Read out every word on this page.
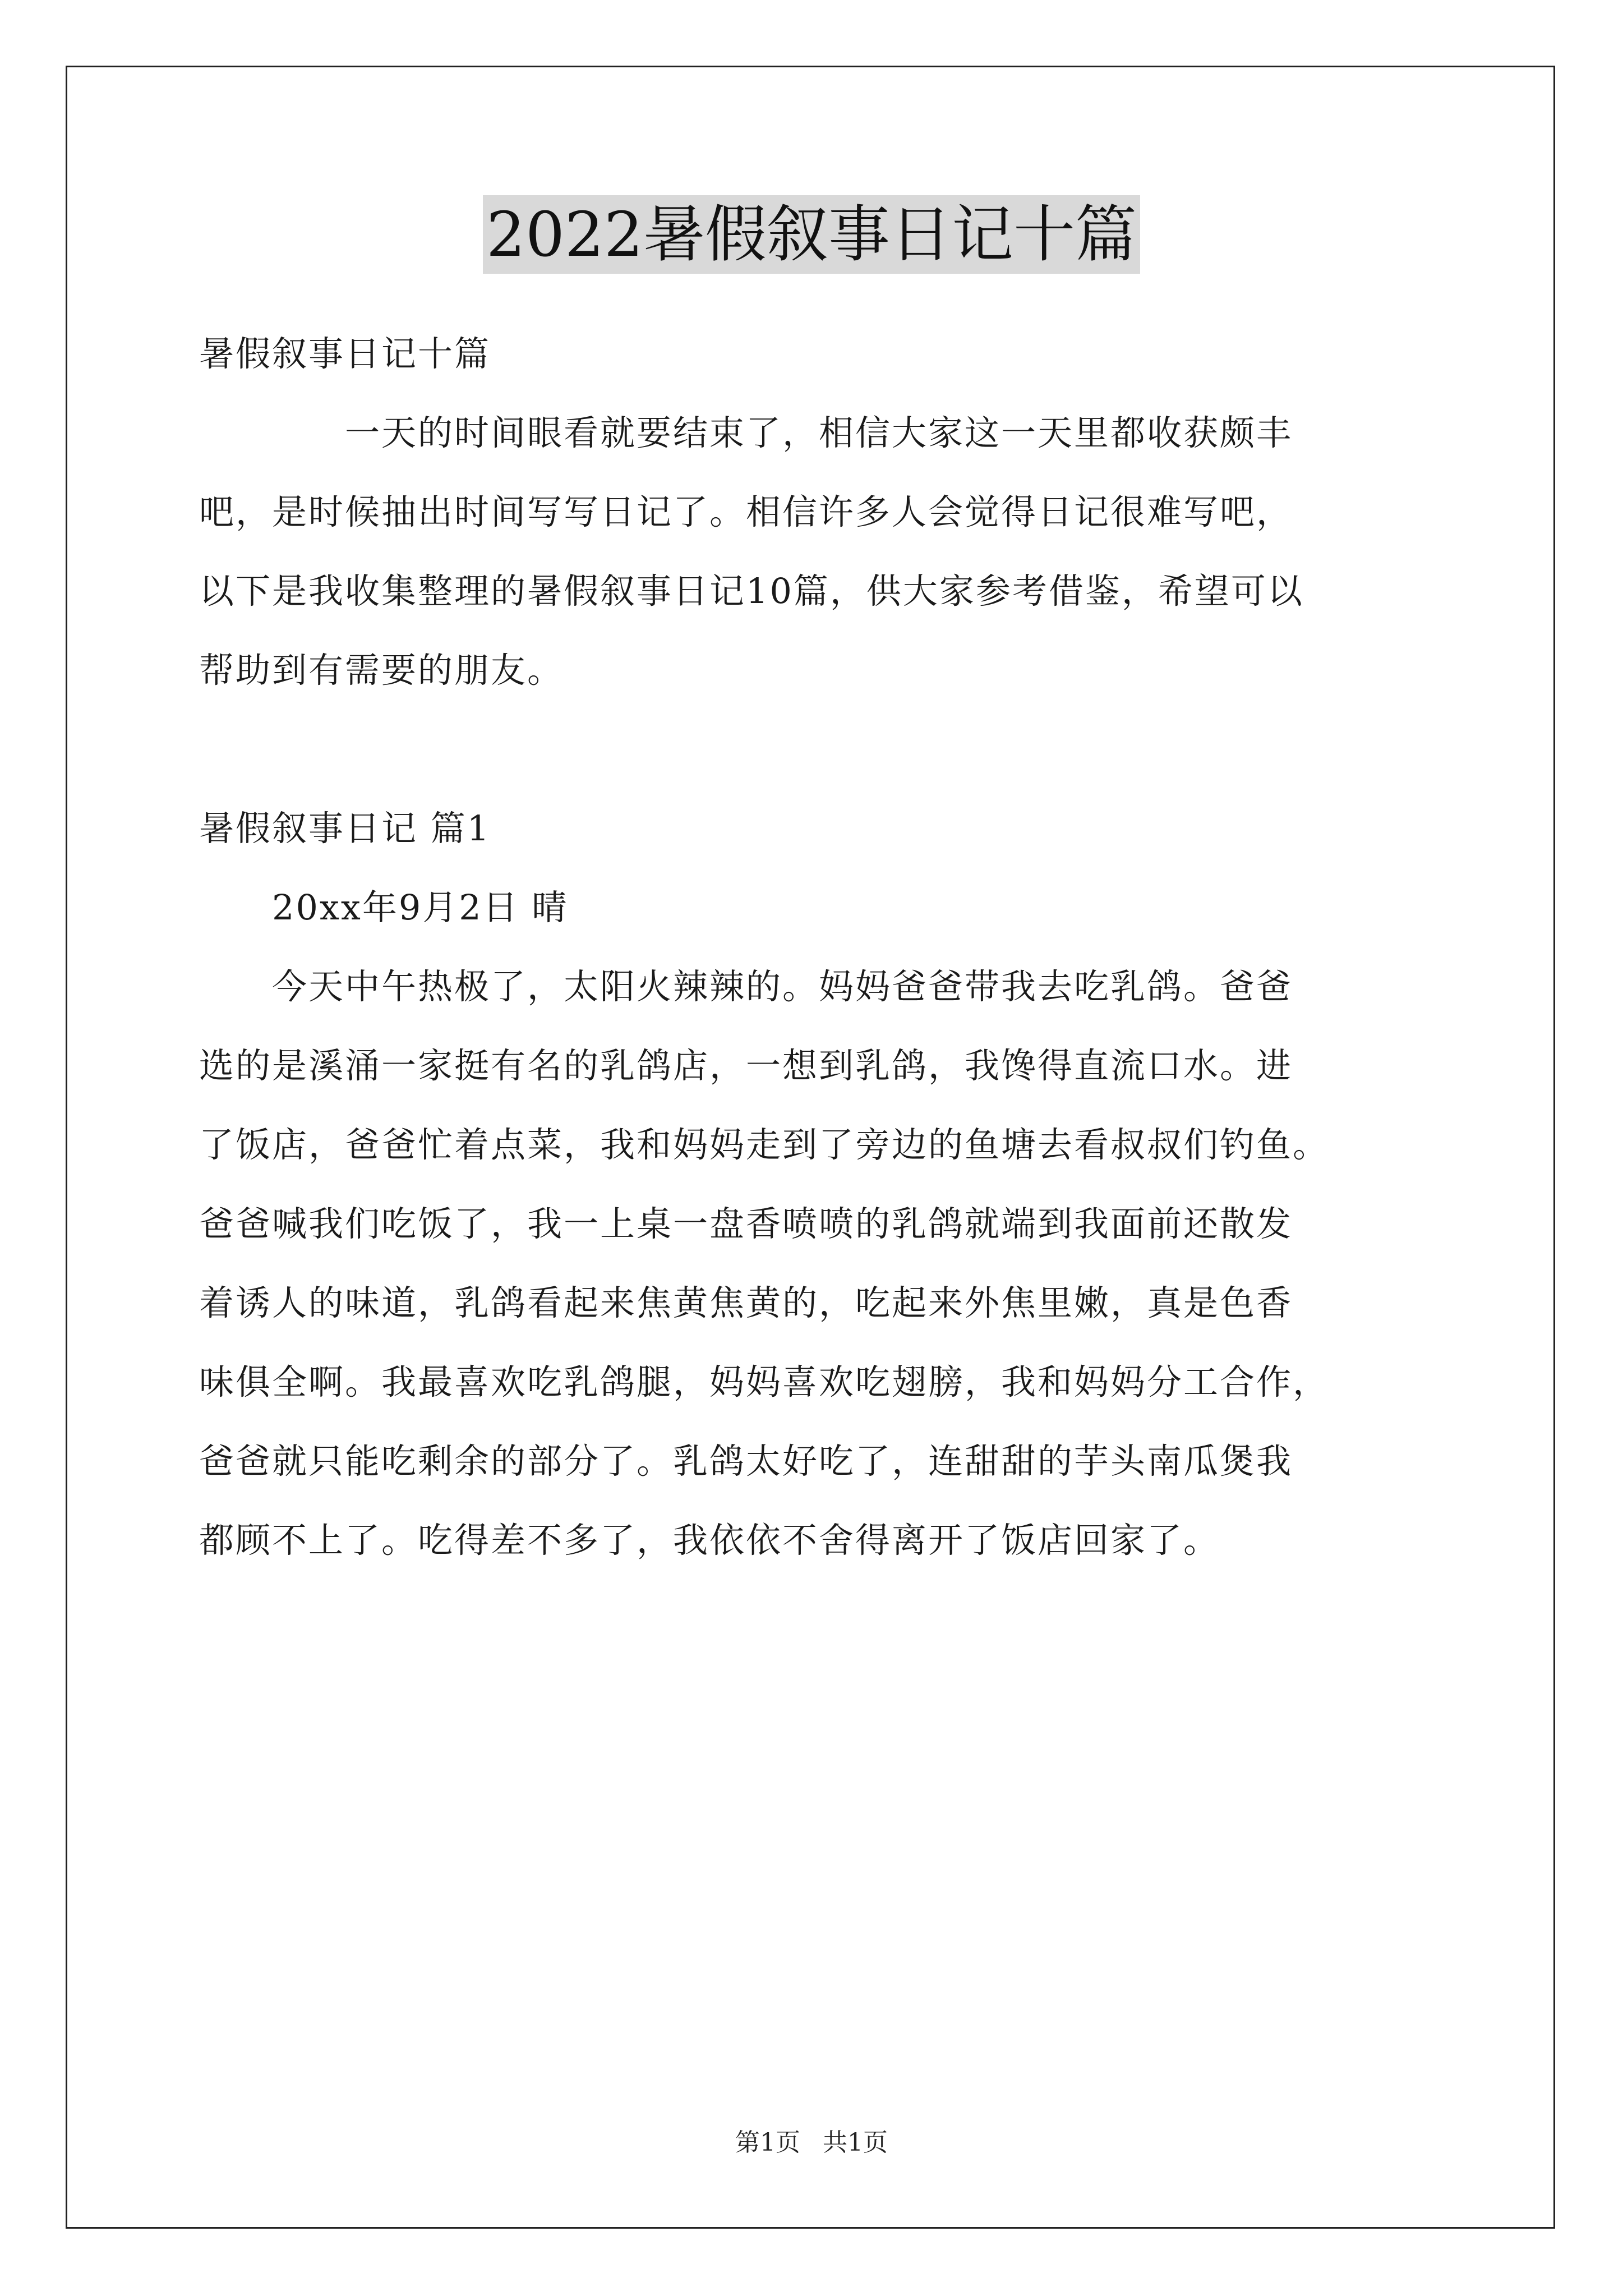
2022暑假叙事日记十篇
暑假叙事日记十篇
　　　　一天的时间眼看就要结束了，相信大家这一天里都收获颇丰
吧，是时候抽出时间写写日记了。相信许多人会觉得日记很难写吧，
以下是我收集整理的暑假叙事日记10篇，供大家参考借鉴，希望可以
帮助到有需要的朋友。
暑假叙事日记 篇1
　　20xx年9月2日 晴
　　今天中午热极了，太阳火辣辣的。妈妈爸爸带我去吃乳鸽。爸爸
选的是溪涌一家挺有名的乳鸽店，一想到乳鸽，我馋得直流口水。进
了饭店，爸爸忙着点菜，我和妈妈走到了旁边的鱼塘去看叔叔们钓鱼。
爸爸喊我们吃饭了，我一上桌一盘香喷喷的乳鸽就端到我面前还散发
着诱人的味道，乳鸽看起来焦黄焦黄的，吃起来外焦里嫩，真是色香
味俱全啊。我最喜欢吃乳鸽腿，妈妈喜欢吃翅膀，我和妈妈分工合作，
爸爸就只能吃剩余的部分了。乳鸽太好吃了，连甜甜的芋头南瓜煲我
都顾不上了。吃得差不多了，我依依不舍得离开了饭店回家了。
第1页 共1页
